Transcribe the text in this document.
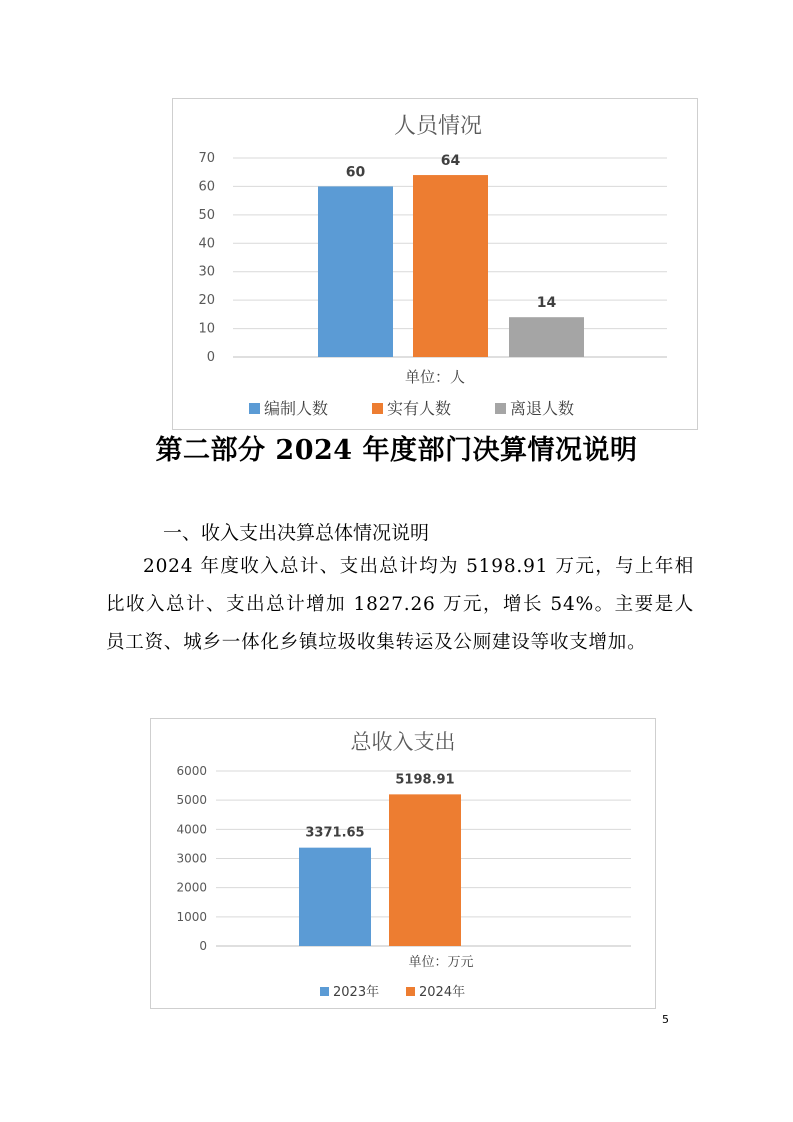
人员情况
0
10
20
30
40
50
60
70
60
64
14
单位：人
编制人数	实有人数	离退人数
第二部分 2024 年度部门决算情况说明
一、收入支出决算总体情况说明
2024 年度收入总计、支出总计均为 5198.91 万元，与上年相比收入总计、支出总计增加 1827.26 万元，增长 54%。主要是人员工资、城乡一体化乡镇垃圾收集转运及公厕建设等收支增加。
总收入支出
0
1000
2000
3000
4000
5000
6000
3371.65
5198.91
单位：万元
2023年	2024年
5
